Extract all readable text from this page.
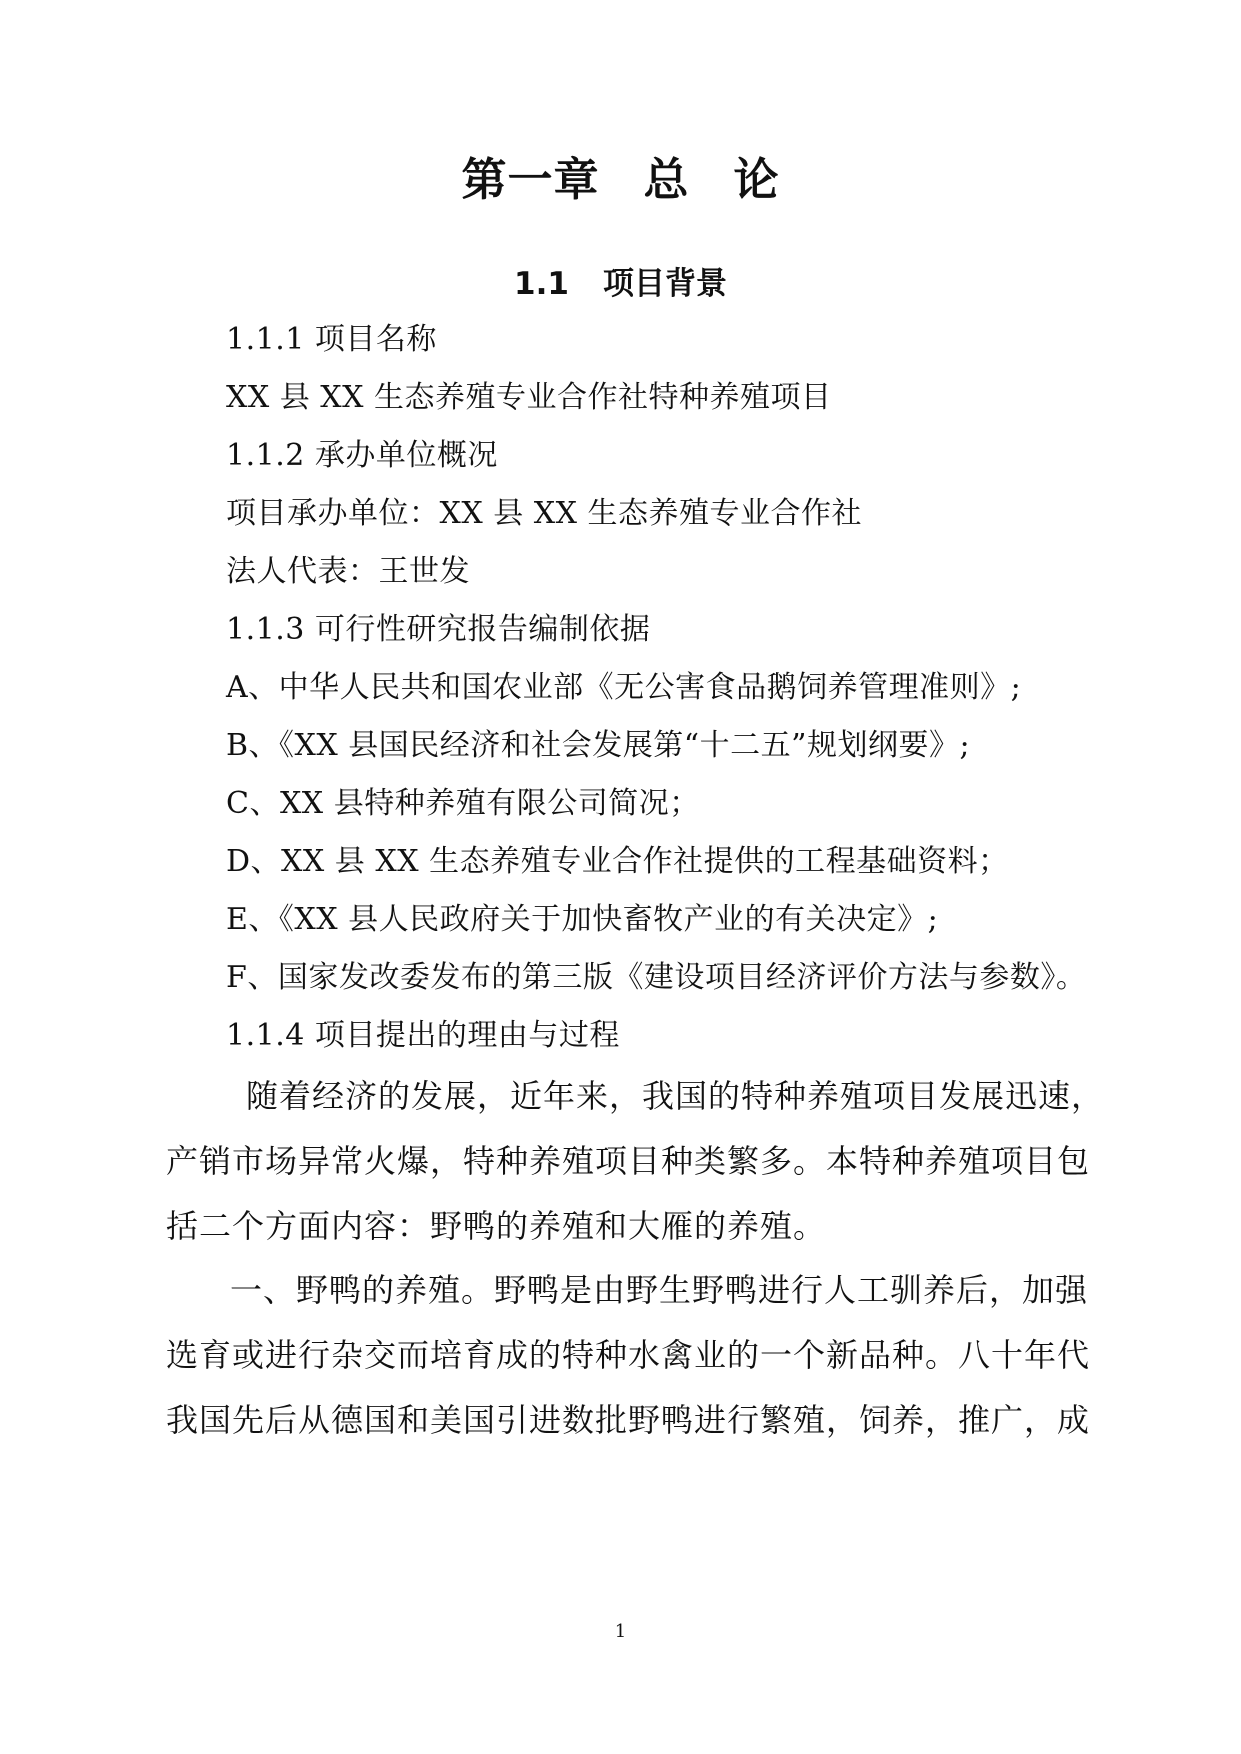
第一章 总 论
1.1 项目背景
1.1.1 项目名称
XX 县 XX 生态养殖专业合作社特种养殖项目
1.1.2 承办单位概况
项目承办单位：XX 县 XX 生态养殖专业合作社
法人代表：王世发
1.1.3 可行性研究报告编制依据
A、中华人民共和国农业部《无公害食品鹅饲养管理准则》;
B、《XX 县国民经济和社会发展第“十二五”规划纲要》;
C、XX 县特种养殖有限公司简况；
D、XX 县 XX 生态养殖专业合作社提供的工程基础资料；
E、《XX 县人民政府关于加快畜牧产业的有关决定》;
F、国家发改委发布的第三版《建设项目经济评价方法与参数》。
1.1.4 项目提出的理由与过程
随着经济的发展，近年来，我国的特种养殖项目发展迅速，
产销市场异常火爆，特种养殖项目种类繁多。本特种养殖项目包
括二个方面内容：野鸭的养殖和大雁的养殖。
一、野鸭的养殖。野鸭是由野生野鸭进行人工驯养后，加强
选育或进行杂交而培育成的特种水禽业的一个新品种。八十年代
我国先后从德国和美国引进数批野鸭进行繁殖，饲养，推广，成
1
